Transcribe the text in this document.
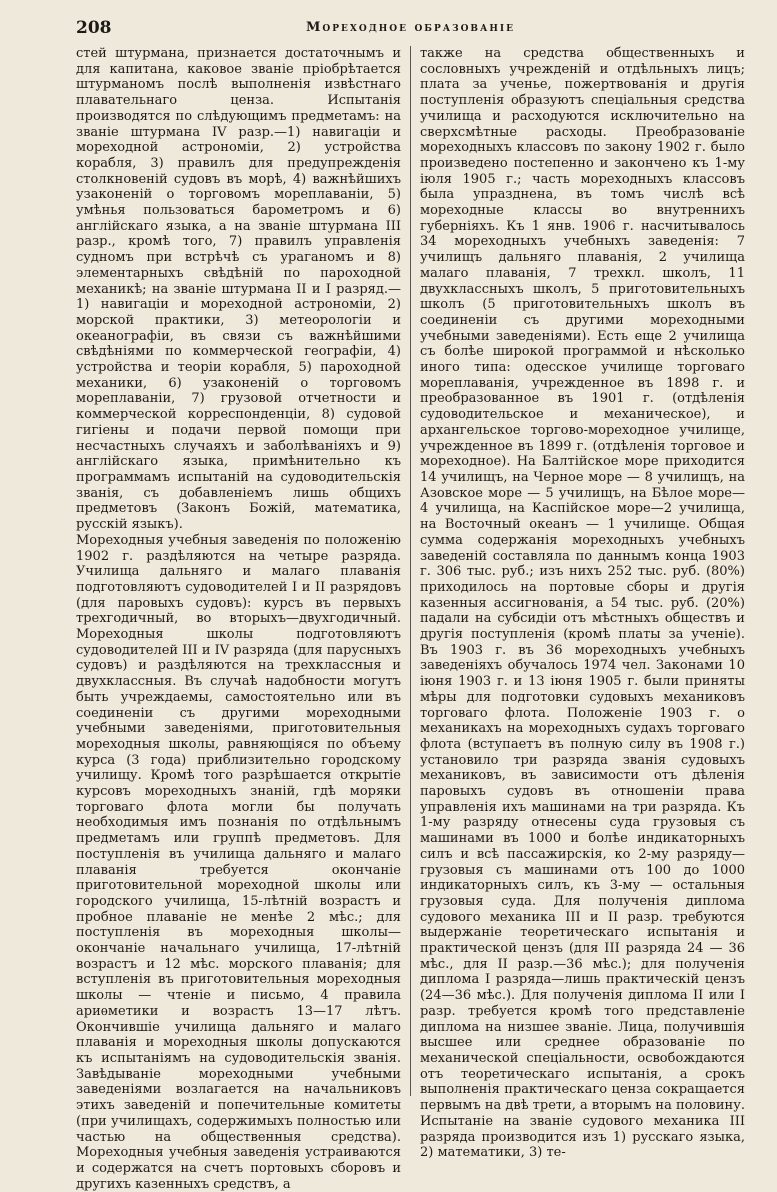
208	Мореходное образованіе

стей штурмана, признается достаточнымъ и для капитана, каковое званіе пріобрѣтается штурманомъ послѣ выполненія извѣстнаго плавательнаго ценза. Испытанія производятся по слѣдующимъ предметамъ: на званіе штурмана IV разр.—1) навигаціи и мореходной астрономіи, 2) устройства корабля, 3) правилъ для предупрежденія столкновеній судовъ въ морѣ, 4) важнѣйшихъ узаконеній о торговомъ мореплаваніи, 5) умѣнья пользоваться барометромъ и 6) англійскаго языка, а на званіе штурмана III разр., кромѣ того, 7) правилъ управленія судномъ при встрѣчѣ съ ураганомъ и 8) элементарныхъ свѣдѣній по пароходной механикѣ; на званіе штурмана II и I разряд.—1) навигаціи и мореходной астрономіи, 2) морской практики, 3) метеорологіи и океанографіи, въ связи съ важнѣйшими свѣдѣніями по коммерческой географіи, 4) устройства и теоріи корабля, 5) пароходной механики, 6) узаконеній о торговомъ мореплаваніи, 7) грузовой отчетности и коммерческой корреспонденціи, 8) судовой гигіены и подачи первой помощи при несчастныхъ случаяхъ и заболѣваніяхъ и 9) англійскаго языка, примѣнительно къ программамъ испытаній на судоводительскія званія, съ добавленіемъ лишь общихъ предметовъ (Законъ Божій, математика, русскій языкъ).

Мореходныя учебныя заведенія по положенію 1902 г. раздѣляются на четыре разряда. Училища дальняго и малаго плаванія подготовляютъ судоводителей I и II разрядовъ (для паровыхъ судовъ): курсъ въ первыхъ трехгодичный, во вторыхъ—двухгодичный. Мореходныя школы подготовляютъ судоводителей III и IV разряда (для парусныхъ судовъ) и раздѣляются на трехклассныя и двухклассныя. Въ случаѣ надобности могутъ быть учреждаемы, самостоятельно или въ соединеніи съ другими мореходными учебными заведеніями, приготовительныя мореходныя школы, равняющіяся по объему курса (3 года) приблизительно городскому училищу. Кромѣ того разрѣшается открытіе курсовъ мореходныхъ знаній, гдѣ моряки торговаго флота могли бы получать необходимыя имъ познанія по отдѣльнымъ предметамъ или группѣ предметовъ. Для поступленія въ училища дальняго и малаго плаванія требуется окончаніе приготовительной мореходной школы или городского училища, 15-лѣтній возрастъ и пробное плаваніе не менѣе 2 мѣс.; для поступленія въ мореходныя школы—окончаніе начальнаго училища, 17-лѣтній возрастъ и 12 мѣс. морского плаванія; для вступленія въ приготовительныя мореходныя школы — чтеніе и письмо, 4 правила ариѳметики и возрастъ 13—17 лѣтъ. Окончившіе училища дальняго и малаго плаванія и мореходныя школы допускаются къ испытаніямъ на судоводительскія званія. Завѣдываніе мореходными учебными заведеніями возлагается на начальниковъ этихъ заведеній и попечительные комитеты (при училищахъ, содержимыхъ полностью или частью на общественныя средства). Мореходныя учебныя заведенія устраиваются и содержатся на счетъ портовыхъ сборовъ и другихъ казенныхъ средствъ, а

также на средства общественныхъ и сословныхъ учрежденій и отдѣльныхъ лицъ; плата за ученье, пожертвованія и другія поступленія образуютъ спеціальныя средства училища и расходуются исключительно на сверхсмѣтные расходы. Преобразованіе мореходныхъ классовъ по закону 1902 г. было произведено постепенно и закончено къ 1-му іюля 1905 г.; часть мореходныхъ классовъ была упразднена, въ томъ числѣ всѣ мореходные классы во внутреннихъ губерніяхъ. Къ 1 янв. 1906 г. насчитывалось 34 мореходныхъ учебныхъ заведенія: 7 училищъ дальняго плаванія, 2 училища малаго плаванія, 7 трехкл. школъ, 11 двухклассныхъ школъ, 5 приготовительныхъ школъ (5 приготовительныхъ школъ въ соединеніи съ другими мореходными учебными заведеніями). Есть еще 2 училища съ болѣе широкой программой и нѣсколько иного типа: одесское училище торговаго мореплаванія, учрежденное въ 1898 г. и преобразованное въ 1901 г. (отдѣленія судоводительское и механическое), и архангельское торгово-мореходное училище, учрежденное въ 1899 г. (отдѣленія торговое и мореходное). На Балтійское море приходится 14 училищъ, на Черное море — 8 училищъ, на Азовское море — 5 училищъ, на Бѣлое море—4 училища, на Каспійское море—2 училища, на Восточный океанъ — 1 училище. Общая сумма содержанія мореходныхъ учебныхъ заведеній составляла по даннымъ конца 1903 г. 306 тыс. руб.; изъ нихъ 252 тыс. руб. (80%) приходилось на портовые сборы и другія казенныя ассигнованія, а 54 тыс. руб. (20%) падали на субсидіи отъ мѣстныхъ обществъ и другія поступленія (кромѣ платы за ученіе). Въ 1903 г. въ 36 мореходныхъ учебныхъ заведеніяхъ обучалось 1974 чел. Законами 10 іюня 1903 г. и 13 іюня 1905 г. были приняты мѣры для подготовки судовыхъ механиковъ торговаго флота. Положеніе 1903 г. о механикахъ на мореходныхъ судахъ торговаго флота (вступаетъ въ полную силу въ 1908 г.) установило три разряда званія судовыхъ механиковъ, въ зависимости отъ дѣленія паровыхъ судовъ въ отношеніи права управленія ихъ машинами на три разряда. Къ 1-му разряду отнесены суда грузовыя съ машинами въ 1000 и болѣе индикаторныхъ силъ и всѣ пассажирскія, ко 2-му разряду—грузовыя съ машинами отъ 100 до 1000 индикаторныхъ силъ, къ 3-му — остальныя грузовыя суда. Для полученія диплома судового механика III и II разр. требуются выдержаніе теоретическаго испытанія и практической цензъ (для III разряда 24 — 36 мѣс., для II разр.—36 мѣс.); для полученія диплома I разряда—лишь практическій цензъ (24—36 мѣс.). Для полученія диплома II или I разр. требуется кромѣ того представленіе диплома на низшее званіе. Лица, получившія высшее или среднее образованіе по механической спеціальности, освобождаются отъ теоретическаго испытанія, а срокъ выполненія практическаго ценза сокращается первымъ на двѣ трети, а вторымъ на половину. Испытаніе на званіе судового механика III разряда производится изъ 1) русскаго языка, 2) математики, 3) те-
